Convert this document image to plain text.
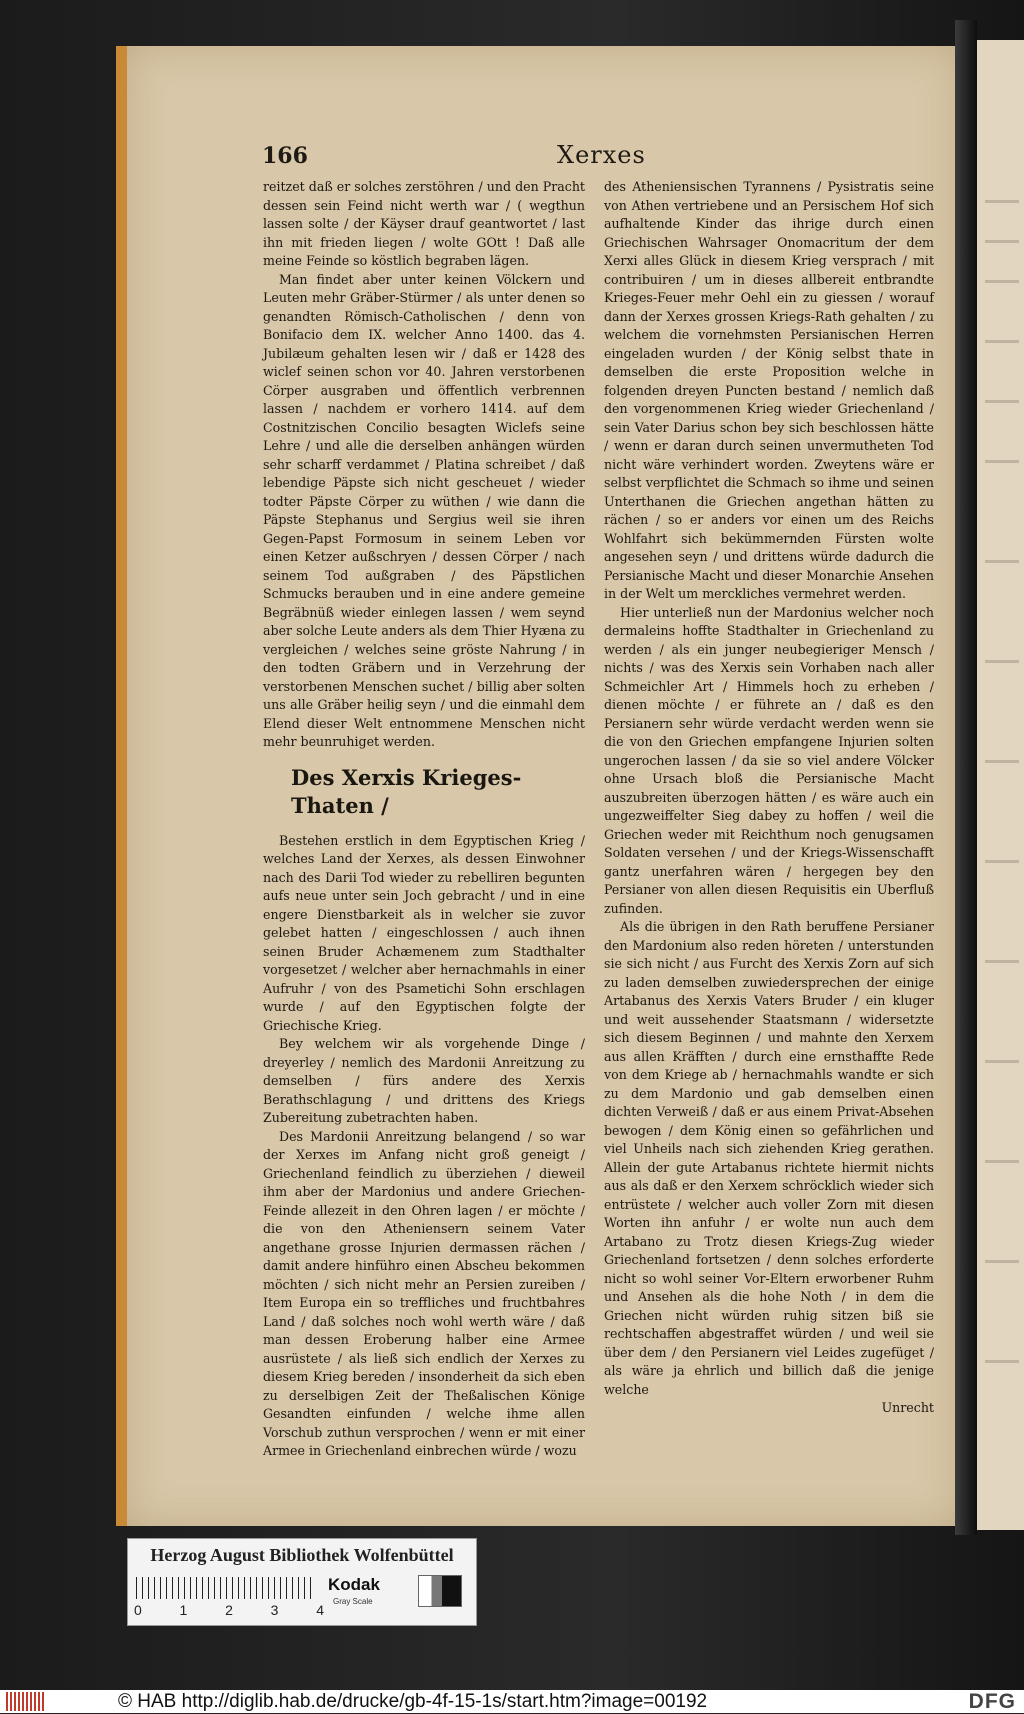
166	Xerxes

reitzet daß er solches zerstöhren / und den Pracht dessen sein Feind nicht werth war / ( wegthun lassen solte / der Käyser drauf geantwortet / last ihn mit frieden liegen / wolte GOtt ! Daß alle meine Feinde so köstlich begraben lägen.

Man findet aber unter keinen Völckern und Leuten mehr Gräber-Stürmer / als unter denen so genandten Römisch-Catholischen / denn von Bonifacio dem IX. welcher Anno 1400. das 4. Jubilæum gehalten lesen wir / daß er 1428 des wiclef seinen schon vor 40. Jahren verstorbenen Cörper ausgraben und öffentlich verbrennen lassen / nachdem er vorhero 1414. auf dem Costnitzischen Concilio besagten Wiclefs seine Lehre / und alle die derselben anhängen würden sehr scharff verdammet / Platina schreibet / daß lebendige Päpste sich nicht gescheuet / wieder todter Päpste Cörper zu wüthen / wie dann die Päpste Stephanus und Sergius weil sie ihren Gegen-Papst Formosum in seinem Leben vor einen Ketzer außschryen / dessen Cörper / nach seinem Tod außgraben / des Päpstlichen Schmucks berauben und in eine andere gemeine Begräbnüß wieder einlegen lassen / wem seynd aber solche Leute anders als dem Thier Hyæna zu vergleichen / welches seine gröste Nahrung / in den todten Gräbern und in Verzehrung der verstorbenen Menschen suchet / billig aber solten uns alle Gräber heilig seyn / und die einmahl dem Elend dieser Welt entnommene Menschen nicht mehr beunruhiget werden.

Des Xerxis Krieges-Thaten /

Bestehen erstlich in dem Egyptischen Krieg / welches Land der Xerxes, als dessen Einwohner nach des Darii Tod wieder zu rebelliren begunten aufs neue unter sein Joch gebracht / und in eine engere Dienstbarkeit als in welcher sie zuvor gelebet hatten / eingeschlossen / auch ihnen seinen Bruder Achæmenem zum Stadthalter vorgesetzet / welcher aber hernachmahls in einer Aufruhr / von des Psametichi Sohn erschlagen wurde / auf den Egyptischen folgte der Griechische Krieg.

Bey welchem wir als vorgehende Dinge / dreyerley / nemlich des Mardonii Anreitzung zu demselben / fürs andere des Xerxis Berathschlagung / und drittens des Kriegs Zubereitung zubetrachten haben.

Des Mardonii Anreitzung belangend / so war der Xerxes im Anfang nicht groß geneigt / Griechenland feindlich zu überziehen / dieweil ihm aber der Mardonius und andere Griechen-Feinde allezeit in den Ohren lagen / er möchte / die von den Atheniensern seinem Vater angethane grosse Injurien dermassen rächen / damit andere hinführo einen Abscheu bekommen möchten / sich nicht mehr an Persien zureiben / Item Europa ein so treffliches und fruchtbahres Land / daß solches noch wohl werth wäre / daß man dessen Eroberung halber eine Armee ausrüstete / als ließ sich endlich der Xerxes zu diesem Krieg bereden / insonderheit da sich eben zu derselbigen Zeit der Theßalischen Könige Gesandten einfunden / welche ihme allen Vorschub zuthun versprochen / wenn er mit einer Armee in Griechenland einbrechen würde / wozu

des Atheniensischen Tyrannens / Pysistratis seine von Athen vertriebene und an Persischem Hof sich aufhaltende Kinder das ihrige durch einen Griechischen Wahrsager Onomacritum der dem Xerxi alles Glück in diesem Krieg versprach / mit contribuiren / um in dieses allbereit entbrandte Krieges-Feuer mehr Oehl ein zu giessen / worauf dann der Xerxes grossen Kriegs-Rath gehalten / zu welchem die vornehmsten Persianischen Herren eingeladen wurden / der König selbst thate in demselben die erste Proposition welche in folgenden dreyen Puncten bestand / nemlich daß den vorgenommenen Krieg wieder Griechenland / sein Vater Darius schon bey sich beschlossen hätte / wenn er daran durch seinen unvermutheten Tod nicht wäre verhindert worden. Zweytens wäre er selbst verpflichtet die Schmach so ihme und seinen Unterthanen die Griechen angethan hätten zu rächen / so er anders vor einen um des Reichs Wohlfahrt sich bekümmernden Fürsten wolte angesehen seyn / und drittens würde dadurch die Persianische Macht und dieser Monarchie Ansehen in der Welt um merckliches vermehret werden.

Hier unterließ nun der Mardonius welcher noch dermaleins hoffte Stadthalter in Griechenland zu werden / als ein junger neubegieriger Mensch / nichts / was des Xerxis sein Vorhaben nach aller Schmeichler Art / Himmels hoch zu erheben / dienen möchte / er führete an / daß es den Persianern sehr würde verdacht werden wenn sie die von den Griechen empfangene Injurien solten ungerochen lassen / da sie so viel andere Völcker ohne Ursach bloß die Persianische Macht auszubreiten überzogen hätten / es wäre auch ein ungezweiffelter Sieg dabey zu hoffen / weil die Griechen weder mit Reichthum noch genugsamen Soldaten versehen / und der Kriegs-Wissenschafft gantz unerfahren wären / hergegen bey den Persianer von allen diesen Requisitis ein Uberfluß zufinden.

Als die übrigen in den Rath beruffene Persianer den Mardonium also reden höreten / unterstunden sie sich nicht / aus Furcht des Xerxis Zorn auf sich zu laden demselben zuwiedersprechen der einige Artabanus des Xerxis Vaters Bruder / ein kluger und weit aussehender Staatsmann / widersetzte sich diesem Beginnen / und mahnte den Xerxem aus allen Kräfften / durch eine ernsthaffte Rede von dem Kriege ab / hernachmahls wandte er sich zu dem Mardonio und gab demselben einen dichten Verweiß / daß er aus einem Privat-Absehen bewogen / dem König einen so gefährlichen und viel Unheils nach sich ziehenden Krieg gerathen. Allein der gute Artabanus richtete hiermit nichts aus als daß er den Xerxem schröcklich wieder sich entrüstete / welcher auch voller Zorn mit diesen Worten ihn anfuhr / er wolte nun auch dem Artabano zu Trotz diesen Kriegs-Zug wieder Griechenland fortsetzen / denn solches erforderte nicht so wohl seiner Vor-Eltern erworbener Ruhm und Ansehen als die hohe Noth / in dem die Griechen nicht würden ruhig sitzen biß sie rechtschaffen abgestraffet würden / und weil sie über dem / den Persianern viel Leides zugefüget / als wäre ja ehrlich und billich daß die jenige welche

Unrecht

Herzog August Bibliothek Wolfenbüttel
0	1	2	3	4
Kodak
Gray Scale
© HAB http://diglib.hab.de/drucke/gb-4f-15-1s/start.htm?image=00192	DFG
